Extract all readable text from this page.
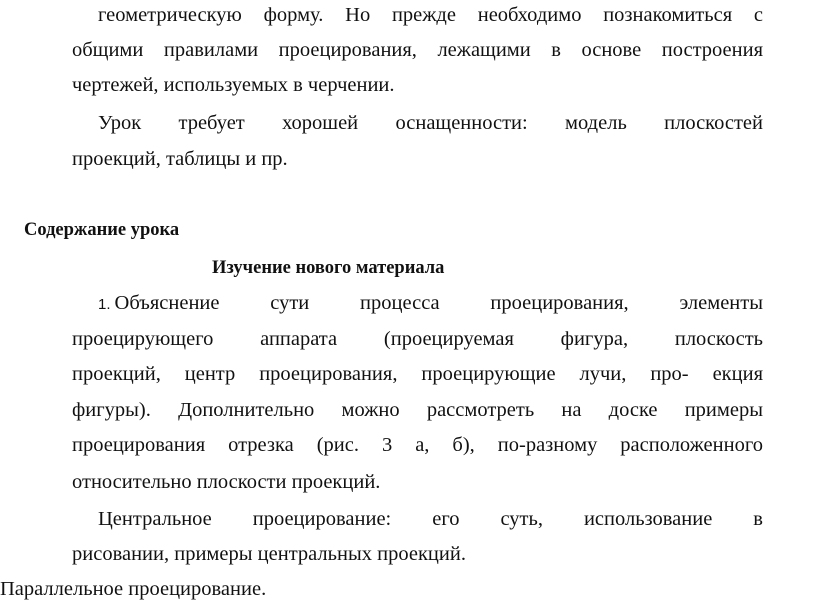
геометрическую форму. Но прежде необходимо познакомиться с
общими правилами проецирования, лежащими в основе построения
чертежей, используемых в черчении.
Урок требует хорошей оснащенности: модель плоскостей
проекций, таблицы и пр.
Содержание урока
Изучение нового материала
1. Объяснение сути процесса проецирования, элементы
проецирующего аппарата (проецируемая фигура, плоскость
проекций, центр проецирования, проецирующие лучи, про- екция
фигуры). Дополнительно можно рассмотреть на доске примеры
проецирования отрезка (рис. 3 а, б), по-разному расположенного
относительно плоскости проекций.
Центральное проецирование: его суть, использование в
рисовании, примеры центральных проекций.
Параллельное проецирование.
